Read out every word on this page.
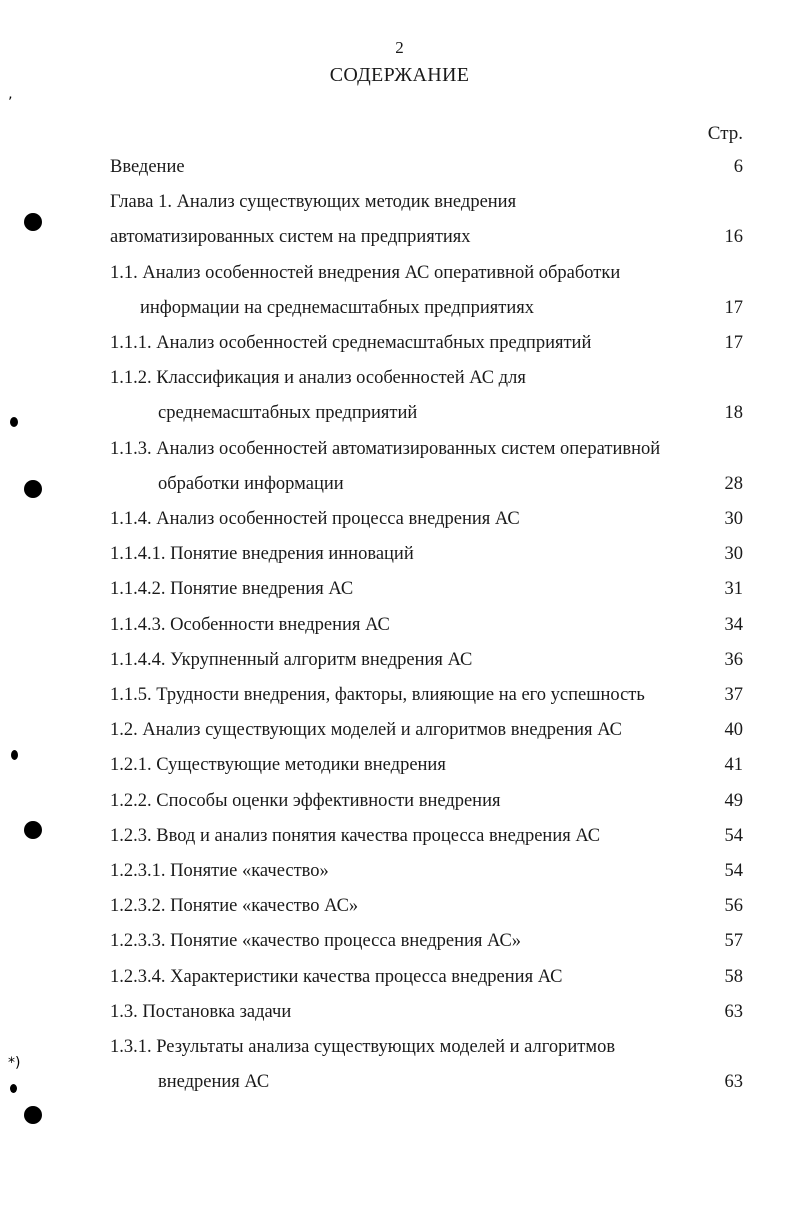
2
СОДЕРЖАНИЕ
Стр.
Введение	6
Глава 1. Анализ существующих методик внедрения
автоматизированных систем на предприятиях	16
1.1. Анализ особенностей внедрения АС оперативной обработки
информации на среднемасштабных предприятиях	17
1.1.1. Анализ особенностей среднемасштабных предприятий	17
1.1.2. Классификация и анализ особенностей АС для
среднемасштабных предприятий	18
1.1.3. Анализ особенностей автоматизированных систем оперативной
обработки информации	28
1.1.4. Анализ особенностей процесса внедрения АС	30
1.1.4.1. Понятие внедрения инноваций	30
1.1.4.2. Понятие внедрения АС	31
1.1.4.3. Особенности внедрения АС	34
1.1.4.4. Укрупненный алгоритм внедрения АС	36
1.1.5. Трудности внедрения, факторы, влияющие на его успешность	37
1.2. Анализ существующих моделей и алгоритмов внедрения АС	40
1.2.1. Существующие методики внедрения	41
1.2.2. Способы оценки эффективности внедрения	49
1.2.3. Ввод и анализ понятия качества процесса внедрения АС	54
1.2.3.1. Понятие «качество»	54
1.2.3.2. Понятие «качество АС»	56
1.2.3.3. Понятие «качество процесса внедрения АС»	57
1.2.3.4. Характеристики качества процесса внедрения АС	58
1.3. Постановка задачи	63
1.3.1. Результаты анализа существующих моделей и алгоритмов
внедрения АС	63
’
*)
